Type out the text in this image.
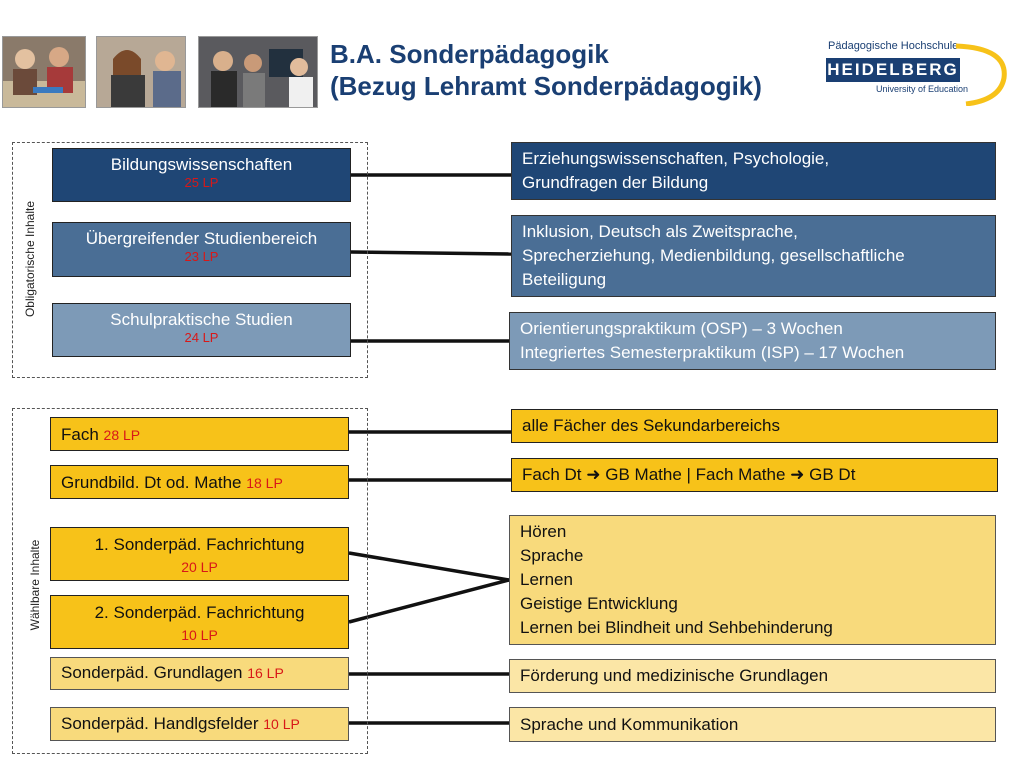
B.A. Sonderpädagogik
(Bezug Lehramt Sonderpädagogik)
Pädagogische Hochschule
HEIDELBERG
University of Education
Obligatorische Inhalte
Bildungswissenschaften
25 LP
Übergreifender Studienbereich
23 LP
Schulpraktische Studien
24 LP
Erziehungswissenschaften, Psychologie,
Grundfragen der Bildung
Inklusion, Deutsch als Zweitsprache,
Sprecherziehung, Medienbildung, gesellschaftliche
Beteiligung
Orientierungspraktikum (OSP) – 3 Wochen
Integriertes Semesterpraktikum (ISP) – 17 Wochen
Wählbare Inhalte
Fach 28 LP
Grundbild. Dt od. Mathe 18 LP
1. Sonderpäd. Fachrichtung
20 LP
2. Sonderpäd. Fachrichtung
10 LP
Sonderpäd. Grundlagen 16 LP
Sonderpäd. Handlgsfelder 10 LP
alle Fächer des Sekundarbereichs
Fach Dt ➜ GB Mathe | Fach Mathe ➜ GB Dt
Hören
Sprache
Lernen
Geistige Entwicklung
Lernen bei Blindheit und Sehbehinderung
Förderung und medizinische Grundlagen
Sprache und Kommunikation
